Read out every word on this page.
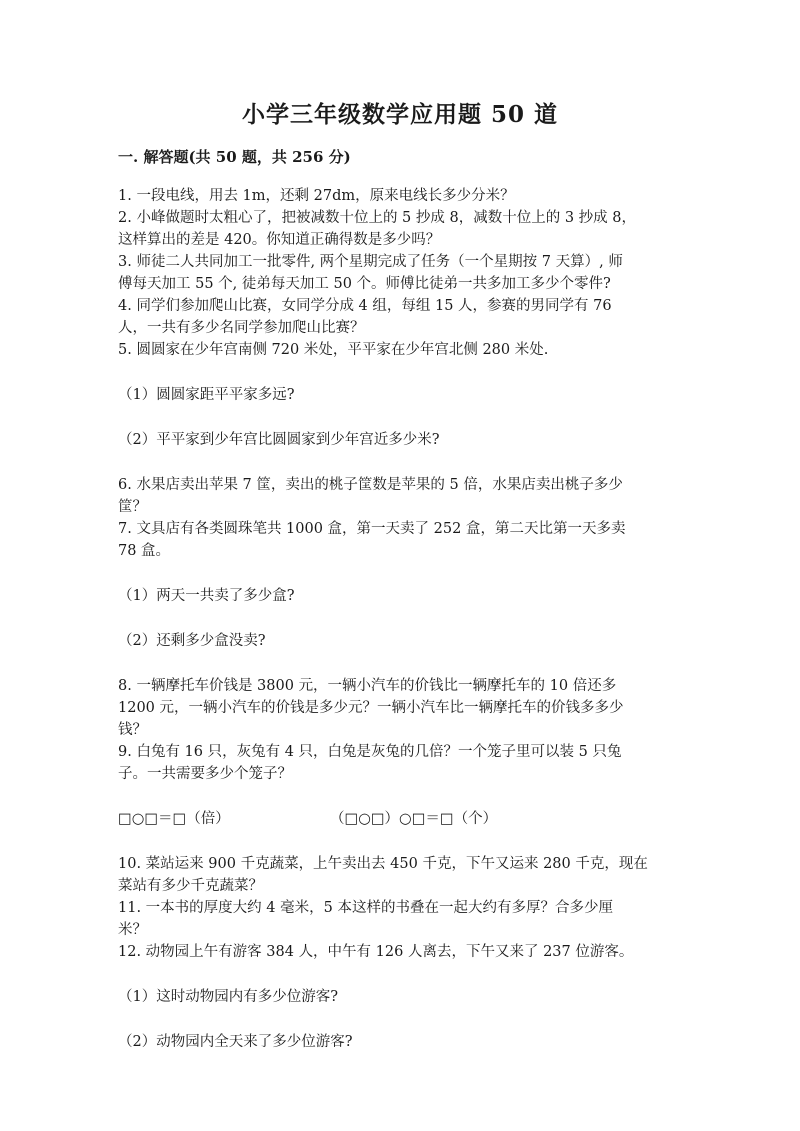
小学三年级数学应用题 50 道
一. 解答题(共 50 题，共 256 分)

1. 一段电线，用去 1m，还剩 27dm，原来电线长多少分米？

2. 小峰做题时太粗心了，把被减数十位上的 5 抄成 8，减数十位上的 3 抄成 8，

这样算出的差是 420。你知道正确得数是多少吗？

3. 师徒二人共同加工一批零件, 两个星期完成了任务（一个星期按 7 天算）, 师

傅每天加工 55 个, 徒弟每天加工 50 个。师傅比徒弟一共多加工多少个零件?

4. 同学们参加爬山比赛，女同学分成 4 组，每组 15 人，参赛的男同学有 76

人，一共有多少名同学参加爬山比赛？

5. 圆圆家在少年宫南侧 720 米处，平平家在少年宫北侧 280 米处.

（1）圆圆家距平平家多远?

（2）平平家到少年宫比圆圆家到少年宫近多少米?

6. 水果店卖出苹果 7 筐，卖出的桃子筐数是苹果的 5 倍，水果店卖出桃子多少

筐？

7. 文具店有各类圆珠笔共 1000 盒，第一天卖了 252 盒，第二天比第一天多卖

78 盒。

（1）两天一共卖了多少盒?

（2）还剩多少盒没卖?

8. 一辆摩托车价钱是 3800 元，一辆小汽车的价钱比一辆摩托车的 10 倍还多

1200 元，一辆小汽车的价钱是多少元？一辆小汽车比一辆摩托车的价钱多多少

钱？

9. 白兔有 16 只，灰兔有 4 只，白兔是灰兔的几倍？一个笼子里可以装 5 只兔

子。一共需要多少个笼子？

□○□＝□（倍）	（□○□）○□＝□（个）

10. 菜站运来 900 千克蔬菜，上午卖出去 450 千克，下午又运来 280 千克，现在

菜站有多少千克蔬菜？

11. 一本书的厚度大约 4 毫米，5 本这样的书叠在一起大约有多厚？合多少厘

米？

12. 动物园上午有游客 384 人，中午有 126 人离去，下午又来了 237 位游客。

（1）这时动物园内有多少位游客?

（2）动物园内全天来了多少位游客?
